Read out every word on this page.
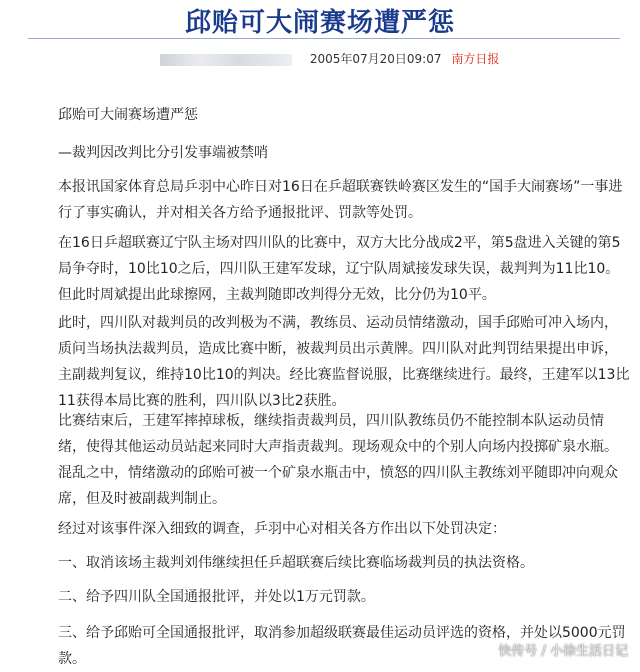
邱贻可大闹赛场遭严惩
2005年07月20日09:07 南方日报

邱贻可大闹赛场遭严惩

—裁判因改判比分引发事端被禁哨

本报讯国家体育总局乒羽中心昨日对16日在乒超联赛铁岭赛区发生的“国手大闹赛场”一事进行了事实确认，并对相关各方给予通报批评、罚款等处罚。

在16日乒超联赛辽宁队主场对四川队的比赛中，双方大比分战成2平，第5盘进入关键的第5局争夺时，10比10之后，四川队王建军发球，辽宁队周斌接发球失误，裁判判为11比10。但此时周斌提出此球擦网，主裁判随即改判得分无效，比分仍为10平。

此时，四川队对裁判员的改判极为不满，教练员、运动员情绪激动，国手邱贻可冲入场内，质问当场执法裁判员，造成比赛中断，被裁判员出示黄牌。四川队对此判罚结果提出申诉，主副裁判复议，维持10比10的判决。经比赛监督说服，比赛继续进行。最终，王建军以13比11获得本局比赛的胜利，四川队以3比2获胜。

比赛结束后，王建军摔掉球板，继续指责裁判员，四川队教练员仍不能控制本队运动员情绪，使得其他运动员站起来同时大声指责裁判。现场观众中的个别人向场内投掷矿泉水瓶。混乱之中，情绪激动的邱贻可被一个矿泉水瓶击中，愤怒的四川队主教练刘平随即冲向观众席，但及时被副裁判制止。

经过对该事件深入细致的调查，乒羽中心对相关各方作出以下处罚决定：

一、取消该场主裁判刘伟继续担任乒超联赛后续比赛临场裁判员的执法资格。

二、给予四川队全国通报批评，并处以1万元罚款。

三、给予邱贻可全国通报批评，取消参加超级联赛最佳运动员评选的资格，并处以5000元罚款。	快传号 / 小徐生活日记
